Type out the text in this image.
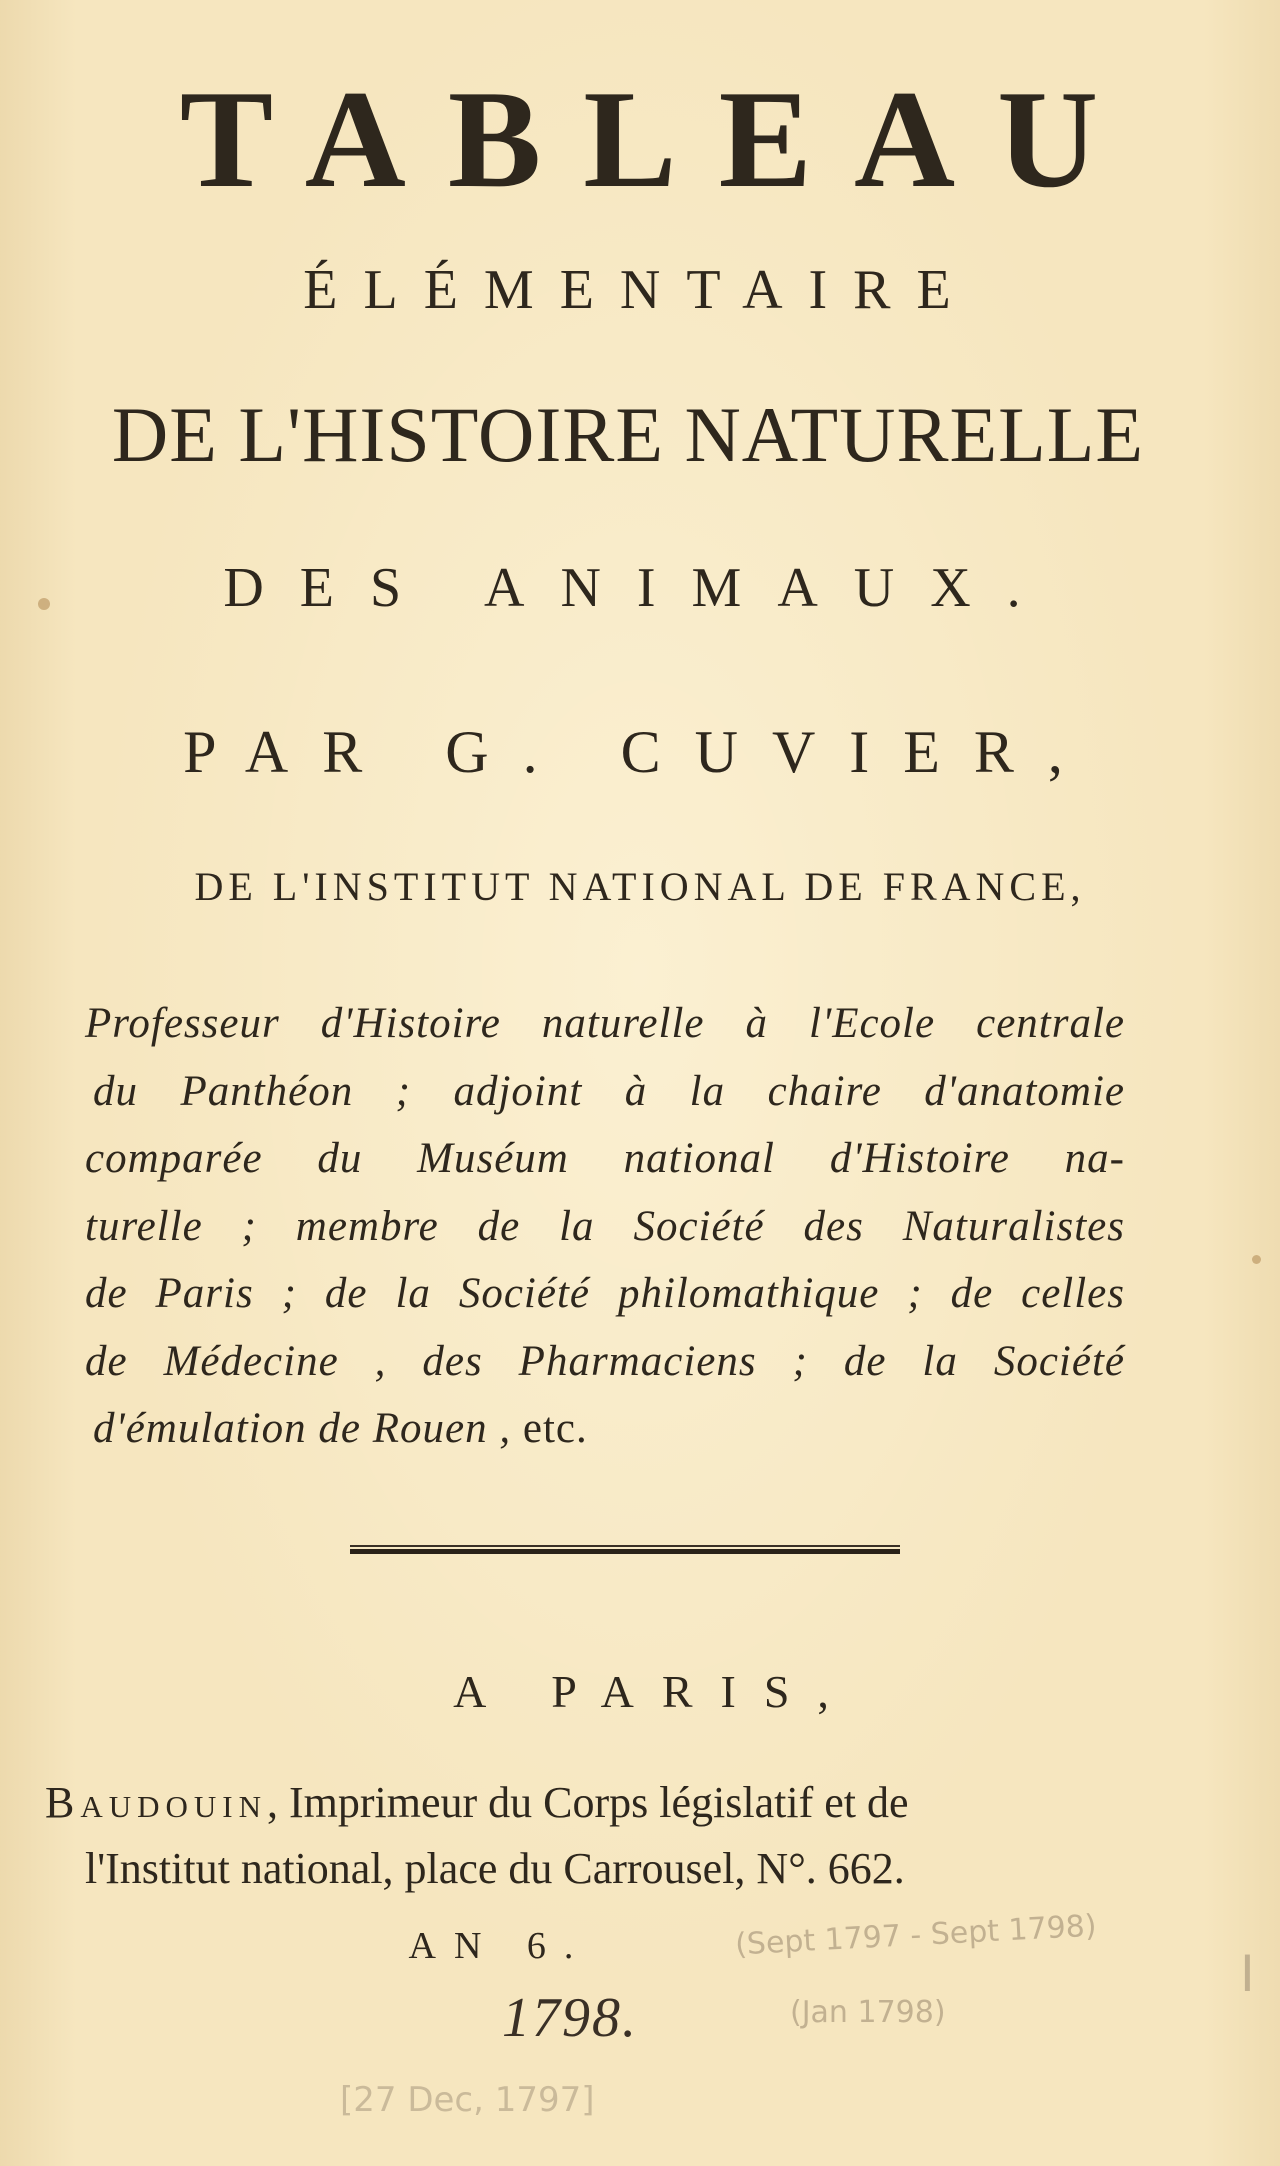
TABLEAU
ÉLÉMENTAIRE
DE L'HISTOIRE NATURELLE
DES ANIMAUX.
PAR G. CUVIER,
DE L'INSTITUT NATIONAL DE FRANCE,
Professeur d'Histoire naturelle à l'Ecole centrale
du Panthéon ; adjoint à la chaire d'anatomie
comparée du Muséum national d'Histoire na-
turelle ; membre de la Société des Naturalistes
de Paris ; de la Société philomathique ; de celles
de Médecine , des Pharmaciens ; de la Société
d'émulation de Rouen , etc.
A PARIS,
Baudouin, Imprimeur du Corps législatif et de
l'Institut national, place du Carrousel, N°. 662.
AN 6.
1798.
(Sept 1797 - Sept 1798)
(Jan 1798)
[27 Dec, 1797]
I
